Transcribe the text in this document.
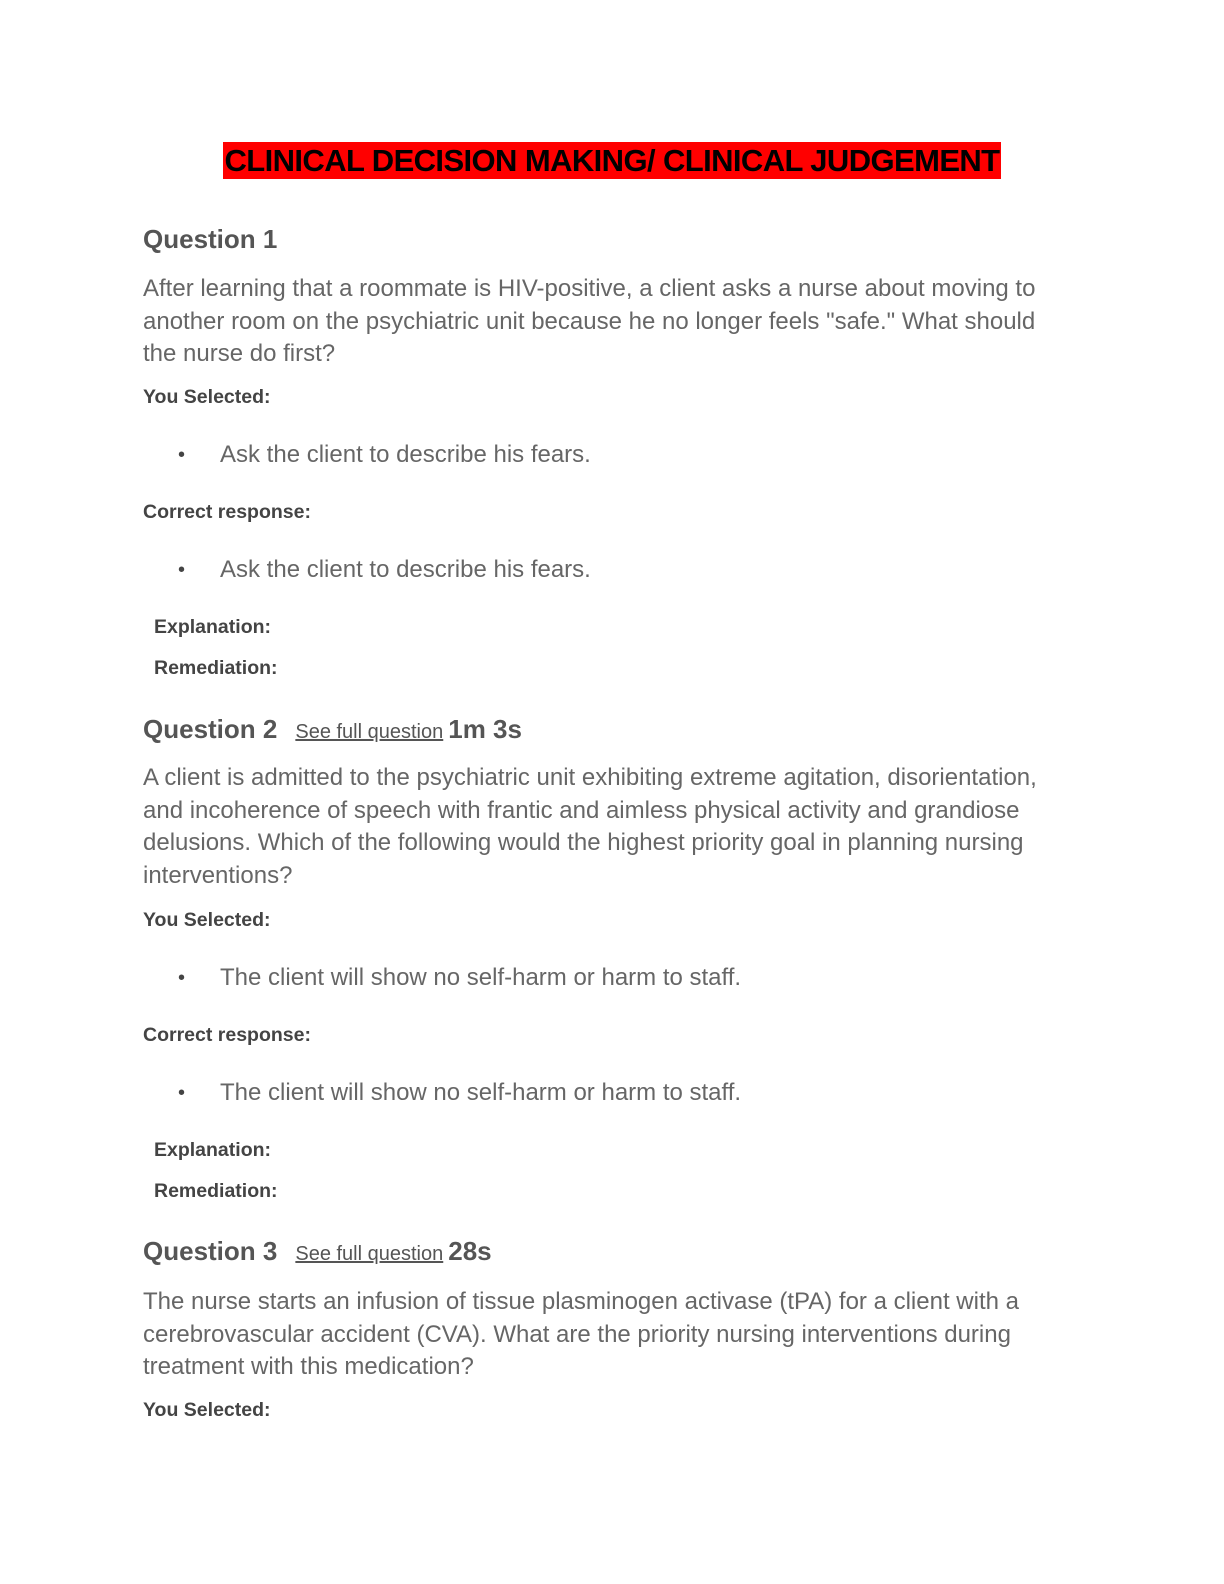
CLINICAL DECISION MAKING/ CLINICAL JUDGEMENT
Question 1
After learning that a roommate is HIV-positive, a client asks a nurse about moving to another room on the psychiatric unit because he no longer feels "safe." What should the nurse do first?
You Selected:
• Ask the client to describe his fears.
Correct response:
• Ask the client to describe his fears.
Explanation:
Remediation:
Question 2 See full question 1m 3s
A client is admitted to the psychiatric unit exhibiting extreme agitation, disorientation, and incoherence of speech with frantic and aimless physical activity and grandiose delusions. Which of the following would the highest priority goal in planning nursing interventions?
You Selected:
• The client will show no self-harm or harm to staff.
Correct response:
• The client will show no self-harm or harm to staff.
Explanation:
Remediation:
Question 3 See full question 28s
The nurse starts an infusion of tissue plasminogen activase (tPA) for a client with a cerebrovascular accident (CVA). What are the priority nursing interventions during treatment with this medication?
You Selected:
